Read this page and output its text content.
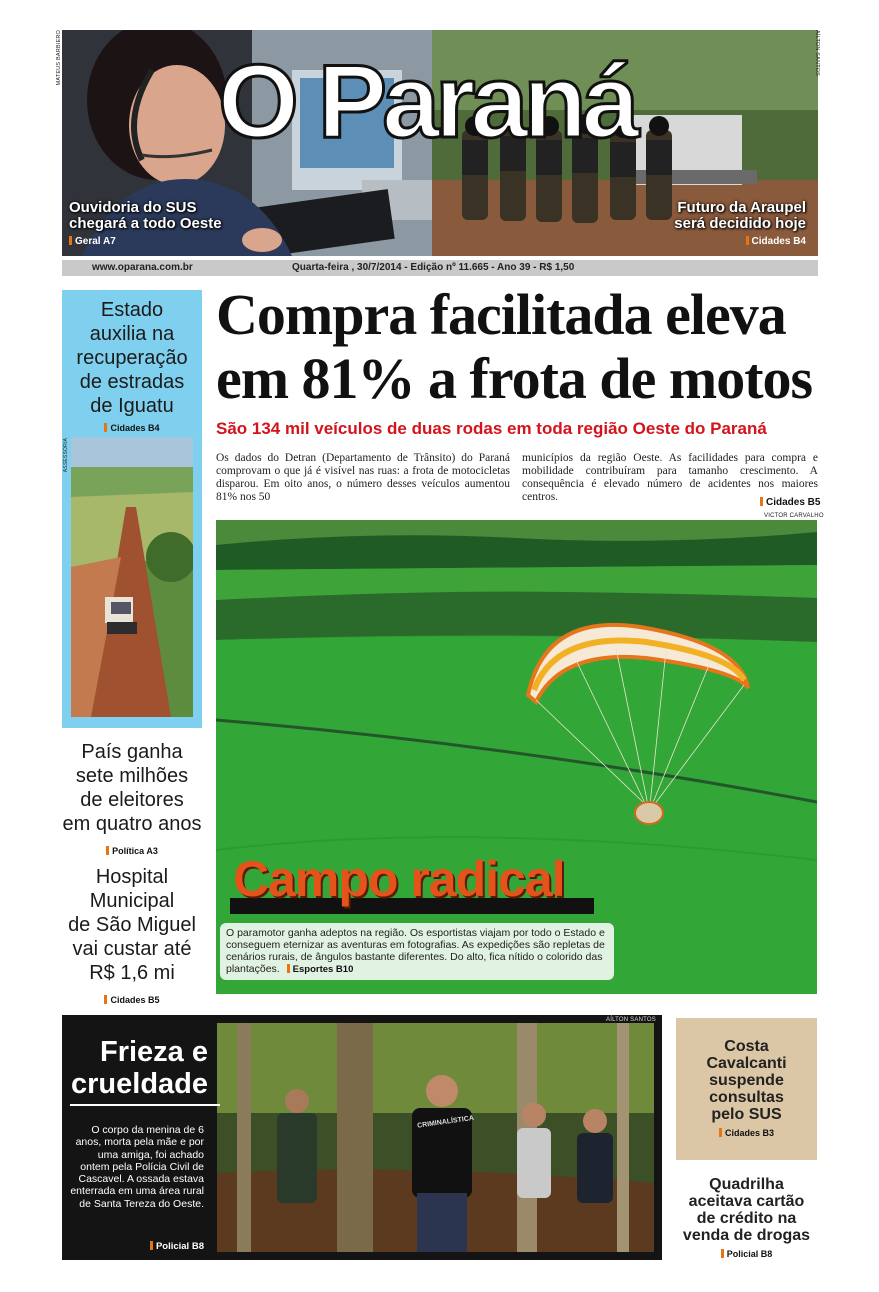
MATEUS BARBIERO	AÍLTON SANTOS
O Paraná
Ouvidoria do SUS
chegará a todo Oeste
Geral A7
Futuro da Araupel
será decidido hoje
Cidades B4
www.oparana.com.br	Quarta-feira , 30/7/2014 - Edição nº 11.665 - Ano 39 - R$ 1,50
Estado
auxilia na
recuperação
de estradas
de Iguatu
Cidades B4
ASSESSORIA
País ganha
sete milhões
de eleitores
em quatro anos
Política A3
Hospital
Municipal
de São Miguel
vai custar até
R$ 1,6 mi
Cidades B5
Compra facilitada eleva
em 81% a frota de motos
São 134 mil veículos de duas rodas em toda região Oeste do Paraná
Os dados do Detran (Departamento de Trânsito) do Paraná comprovam o que já é visível nas ruas: a frota de motocicletas disparou. Em oito anos, o número desses veículos aumentou 81% nos 50
municípios da região Oeste. As facilidades para compra e mobilidade contribuíram para tamanho crescimento. A consequência é elevado número de acidentes nos maiores centros.	Cidades B5
VICTOR CARVALHO
Campo radical
O paramotor ganha adeptos na região. Os esportistas viajam por todo o Estado e conseguem eternizar as aventuras em fotografias. As expedições são repletas de cenários rurais, de ângulos bastante diferentes. Do alto, fica nítido o colorido das plantações. Esportes B10
CRIMINALÍSTICA
AÍLTON SANTOS
Frieza e
crueldade
O corpo da menina de 6 anos, morta pela mãe e por uma amiga, foi achado ontem pela Polícia Civil de Cascavel. A ossada estava enterrada em uma área rural de Santa Tereza do Oeste.
Policial B8
Costa
Cavalcanti
suspende
consultas
pelo SUS
Cidades B3
Quadrilha
aceitava cartão
de crédito na
venda de drogas
Policial B8
